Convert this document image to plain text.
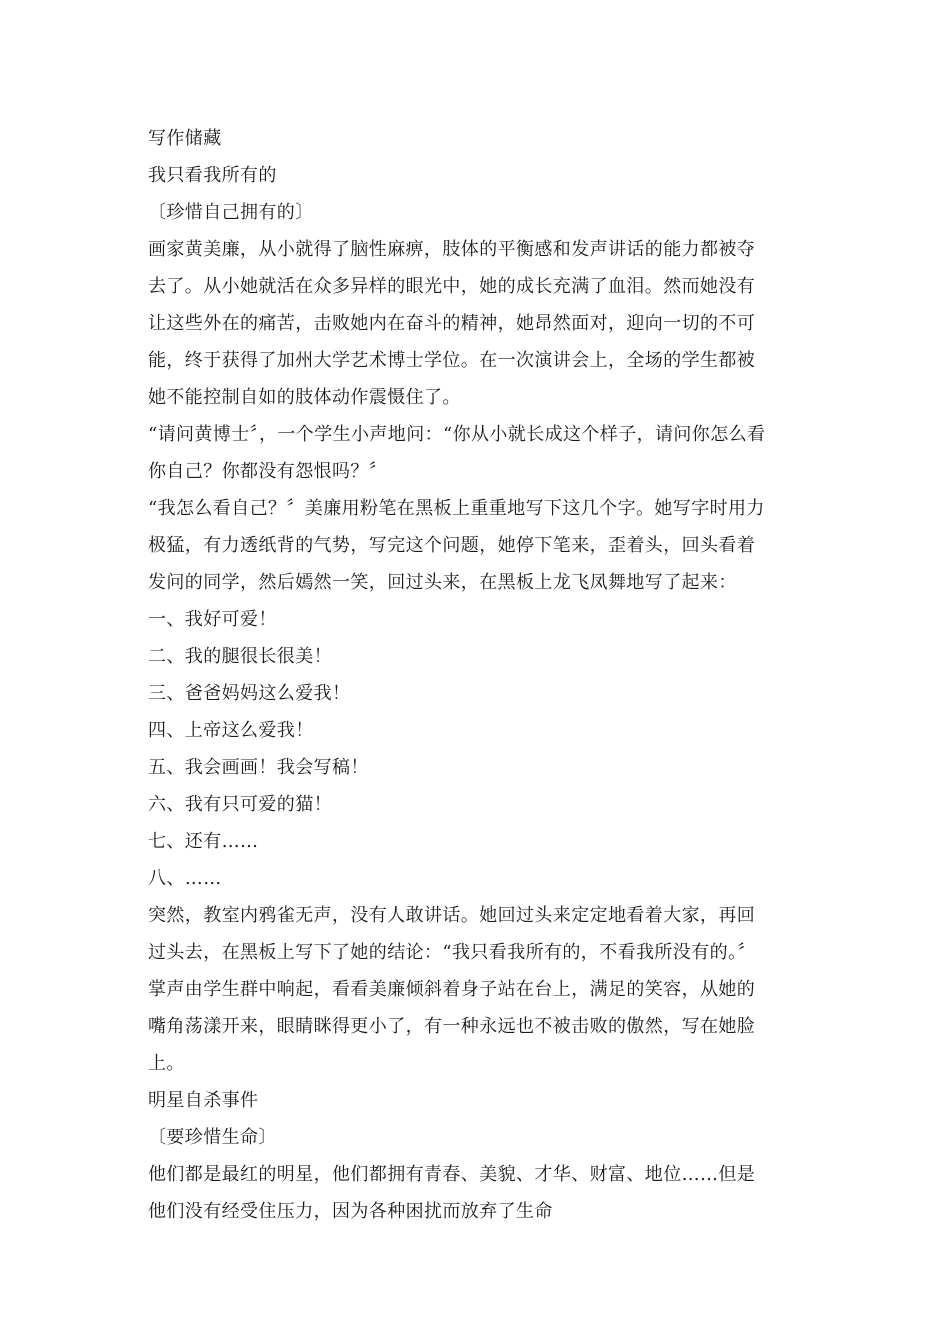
写作储藏
我只看我所有的
〔珍惜自己拥有的〕
画家黄美廉，从小就得了脑性麻痹，肢体的平衡感和发声讲话的能力都被夺
去了。从小她就活在众多异样的眼光中，她的成长充满了血泪。然而她没有
让这些外在的痛苦，击败她内在奋斗的精神，她昂然面对，迎向一切的不可
能，终于获得了加州大学艺术博士学位。在一次演讲会上，全场的学生都被
她不能控制自如的肢体动作震慑住了。
“请问黄博士〞，一个学生小声地问：“你从小就长成这个样子，请问你怎么看
你自己？你都没有怨恨吗？〞
“我怎么看自己？〞美廉用粉笔在黑板上重重地写下这几个字。她写字时用力
极猛，有力透纸背的气势，写完这个问题，她停下笔来，歪着头，回头看着
发问的同学，然后嫣然一笑，回过头来，在黑板上龙飞凤舞地写了起来：
一、我好可爱！
二、我的腿很长很美！
三、爸爸妈妈这么爱我！
四、上帝这么爱我！
五、我会画画！我会写稿！
六、我有只可爱的猫！
七、还有……
八、……
突然，教室内鸦雀无声，没有人敢讲话。她回过头来定定地看着大家，再回
过头去，在黑板上写下了她的结论：“我只看我所有的，不看我所没有的。〞
掌声由学生群中响起，看看美廉倾斜着身子站在台上，满足的笑容，从她的
嘴角荡漾开来，眼睛眯得更小了，有一种永远也不被击败的傲然，写在她脸
上。
明星自杀事件
〔要珍惜生命〕
他们都是最红的明星，他们都拥有青春、美貌、才华、财富、地位……但是
他们没有经受住压力，因为各种困扰而放弃了生命
